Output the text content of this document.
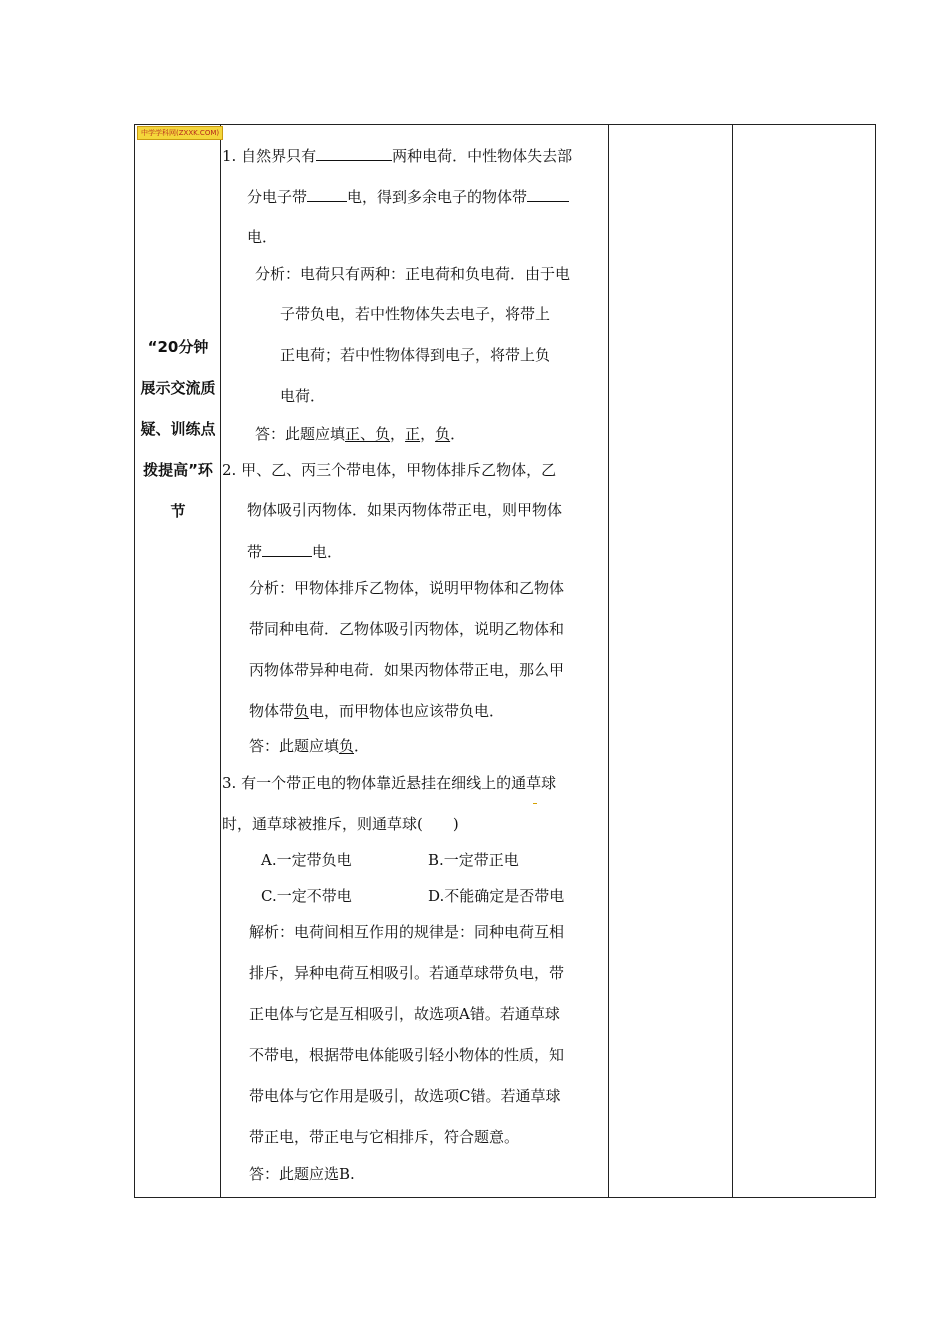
中学学科网(ZXXK.COM)
“20分钟
展示交流质
疑、训练点
拨提高”环
节
1. 自然界只有	两种电荷．中性物体失去部
分电子带	电，得到多余电子的物体带
电．
分析：电荷只有两种：正电荷和负电荷．由于电
子带负电，若中性物体失去电子，将带上
正电荷；若中性物体得到电子，将带上负
电荷．
答：此题应填正、负，正，负．
2. 甲、乙、丙三个带电体，甲物体排斥乙物体，乙
物体吸引丙物体．如果丙物体带正电，则甲物体
带	电．
分析：甲物体排斥乙物体，说明甲物体和乙物体
带同种电荷．乙物体吸引丙物体，说明乙物体和
丙物体带异种电荷．如果丙物体带正电，那么甲
物体带负电，而甲物体也应该带负电．
答：此题应填负．
3. 有一个带正电的物体靠近悬挂在细线上的通草球
时，通草球被推斥，则通草球(　　)
A.一定带负电	B.一定带正电
C.一定不带电	D.不能确定是否带电
解析：电荷间相互作用的规律是：同种电荷互相
排斥，异种电荷互相吸引。若通草球带负电，带
正电体与它是互相吸引，故选项A错。若通草球
不带电，根据带电体能吸引轻小物体的性质，知
带电体与它作用是吸引，故选项C错。若通草球
带正电，带正电与它相排斥，符合题意。
答：此题应选B.
